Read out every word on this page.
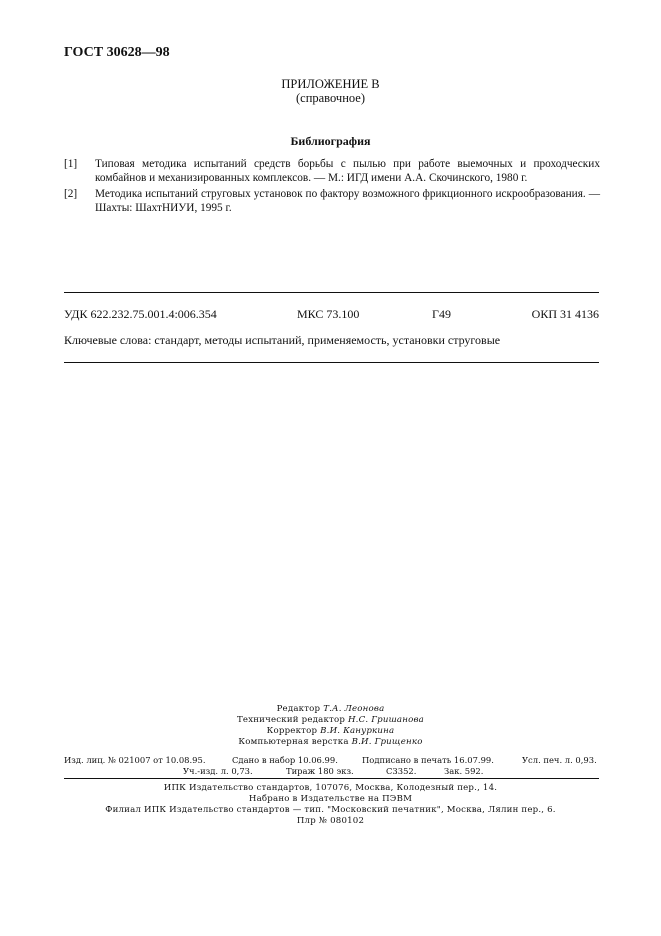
ГОСТ 30628—98
ПРИЛОЖЕНИЕ В
(справочное)
Библиография
[1]	Типовая методика испытаний средств борьбы с пылью при работе выемочных и проходческих комбайнов и механизированных комплексов. — М.: ИГД имени А.А. Скочинского, 1980 г.
[2]	Методика испытаний струговых установок по фактору возможного фрикционного искрообразования. — Шахты: ШахтНИУИ, 1995 г.
УДК 622.232.75.001.4:006.354	МКС 73.100	Г49	ОКП 31 4136
Ключевые слова: стандарт, методы испытаний, применяемость, установки струговые
Редактор Т.А. Леонова
Технический редактор Н.С. Гришанова
Корректор В.И. Кануркина
Компьютерная верстка В.И. Грищенко
Изд. лиц. № 021007 от 10.08.95.	Сдано в набор 10.06.99.	Подписано в печать 16.07.99.	Усл. печ. л. 0,93.
Уч.-изд. л. 0,73.	Тираж 180 экз.	С3352.	Зак. 592.
ИПК Издательство стандартов, 107076, Москва, Колодезный пер., 14.
Набрано в Издательстве на ПЭВМ
Филиал ИПК Издательство стандартов — тип. "Московский печатник", Москва, Лялин пер., 6.
Плр № 080102
